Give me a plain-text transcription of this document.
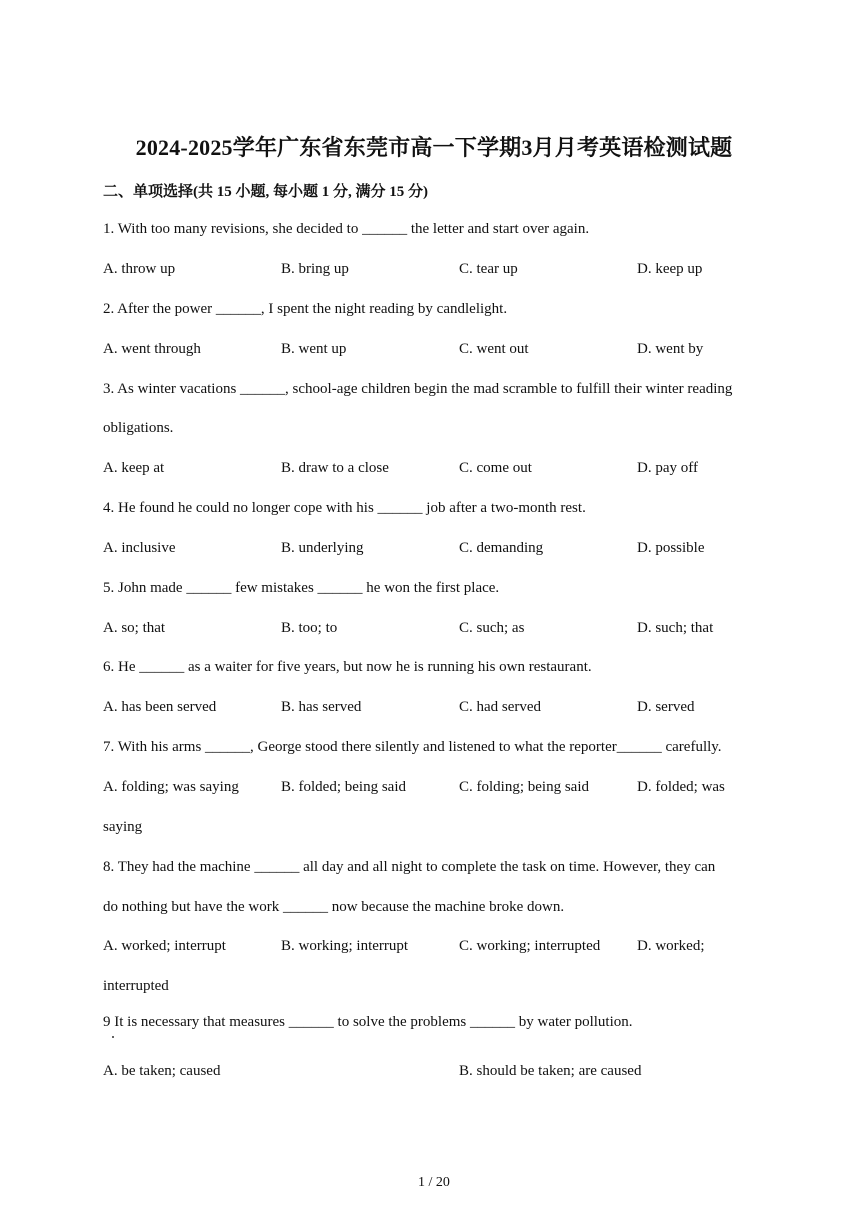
2024-2025学年广东省东莞市高一下学期3月月考英语检测试题
二、单项选择(共 15 小题, 每小题 1 分, 满分 15 分)
1. With too many revisions, she decided to ______ the letter and start over again.
A. throw up	B. bring up	C. tear up	D. keep up
2. After the power ______, I spent the night reading by candlelight.
A. went through	B. went up	C. went out	D. went by
3. As winter vacations ______, school-age children begin the mad scramble to fulfill their winter reading
obligations.
A. keep at	B. draw to a close	C. come out	D. pay off
4. He found he could no longer cope with his ______ job after a two-month rest.
A. inclusive	B. underlying	C. demanding	D. possible
5. John made ______ few mistakes ______ he won the first place.
A. so; that	B. too; to	C. such; as	D. such; that
6. He ______ as a waiter for five years, but now he is running his own restaurant.
A. has been served	B. has served	C. had served	D. served
7. With his arms ______, George stood there silently and listened to what the reporter______ carefully.
A. folding; was saying	B. folded; being said	C. folding; being said	D. folded; was
saying
8. They had the machine ______ all day and all night to complete the task on time. However, they can
do nothing but have the work ______ now because the machine broke down.
A. worked; interrupt	B. working; interrupt	C. working; interrupted D. worked;
interrupted
9 It is necessary that measures ______ to solve the problems ______ by water pollution.
A. be taken; caused	B. should be taken; are caused
1 / 20
